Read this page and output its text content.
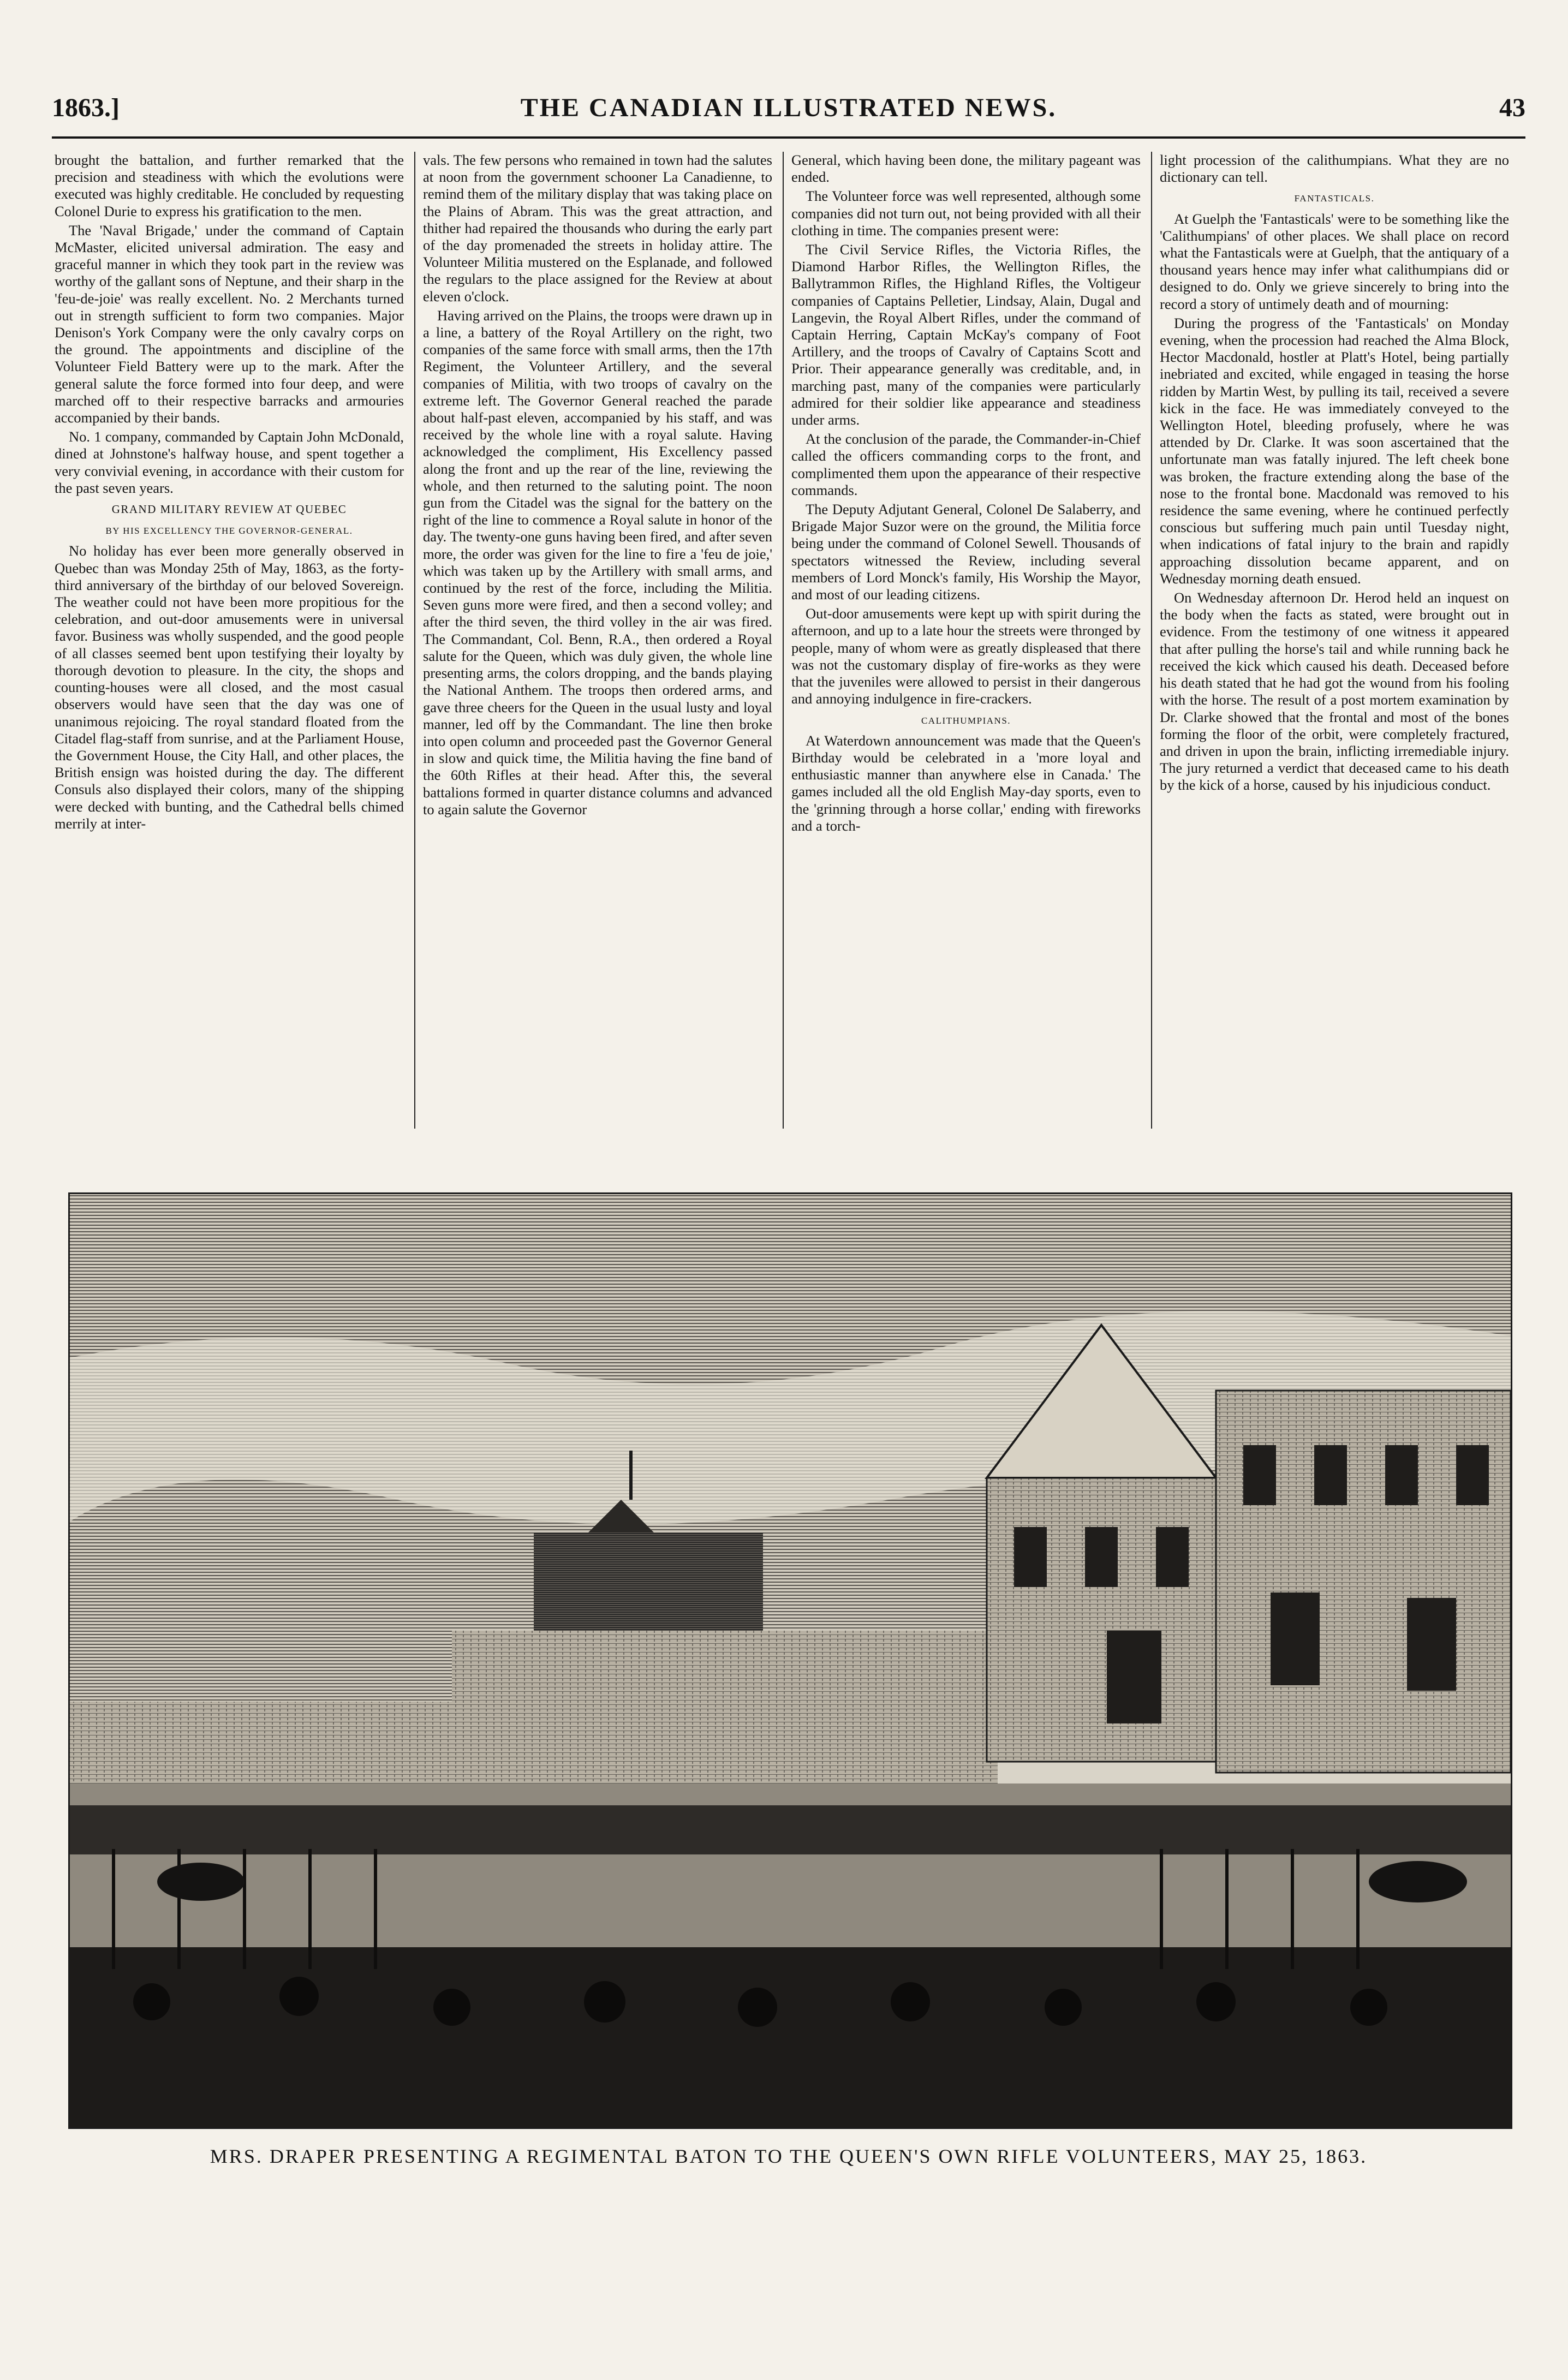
1863.]	THE CANADIAN ILLUSTRATED NEWS.	43

brought the battalion, and further remarked that the precision and steadiness with which the evolutions were executed was highly creditable. He concluded by requesting Colonel Durie to express his gratification to the men.

The 'Naval Brigade,' under the command of Captain McMaster, elicited universal admiration. The easy and graceful manner in which they took part in the review was worthy of the gallant sons of Neptune, and their sharp in the 'feu-de-joie' was really excellent. No. 2 Merchants turned out in strength sufficient to form two companies. Major Denison's York Company were the only cavalry corps on the ground. The appointments and discipline of the Volunteer Field Battery were up to the mark. After the general salute the force formed into four deep, and were marched off to their respective barracks and armouries accompanied by their bands.

No. 1 company, commanded by Captain John McDonald, dined at Johnstone's halfway house, and spent together a very convivial evening, in accordance with their custom for the past seven years.

GRAND MILITARY REVIEW AT QUEBEC
BY HIS EXCELLENCY THE GOVERNOR-GENERAL.

No holiday has ever been more generally observed in Quebec than was Monday 25th of May, 1863, as the forty-third anniversary of the birthday of our beloved Sovereign. The weather could not have been more propitious for the celebration, and out-door amusements were in universal favor. Business was wholly suspended, and the good people of all classes seemed bent upon testifying their loyalty by thorough devotion to pleasure. In the city, the shops and counting-houses were all closed, and the most casual observers would have seen that the day was one of unanimous rejoicing. The royal standard floated from the Citadel flag-staff from sunrise, and at the Parliament House, the Government House, the City Hall, and other places, the British ensign was hoisted during the day. The different Consuls also displayed their colors, many of the shipping were decked with bunting, and the Cathedral bells chimed merrily at inter-

vals. The few persons who remained in town had the salutes at noon from the government schooner La Canadienne, to remind them of the military display that was taking place on the Plains of Abram. This was the great attraction, and thither had repaired the thousands who during the early part of the day promenaded the streets in holiday attire. The Volunteer Militia mustered on the Esplanade, and followed the regulars to the place assigned for the Review at about eleven o'clock.

Having arrived on the Plains, the troops were drawn up in a line, a battery of the Royal Artillery on the right, two companies of the same force with small arms, then the 17th Regiment, the Volunteer Artillery, and the several companies of Militia, with two troops of cavalry on the extreme left. The Governor General reached the parade about half-past eleven, accompanied by his staff, and was received by the whole line with a royal salute. Having acknowledged the compliment, His Excellency passed along the front and up the rear of the line, reviewing the whole, and then returned to the saluting point. The noon gun from the Citadel was the signal for the battery on the right of the line to commence a Royal salute in honor of the day. The twenty-one guns having been fired, and after seven more, the order was given for the line to fire a 'feu de joie,' which was taken up by the Artillery with small arms, and continued by the rest of the force, including the Militia. Seven guns more were fired, and then a second volley; and after the third seven, the third volley in the air was fired. The Commandant, Col. Benn, R.A., then ordered a Royal salute for the Queen, which was duly given, the whole line presenting arms, the colors dropping, and the bands playing the National Anthem. The troops then ordered arms, and gave three cheers for the Queen in the usual lusty and loyal manner, led off by the Commandant. The line then broke into open column and proceeded past the Governor General in slow and quick time, the Militia having the fine band of the 60th Rifles at their head. After this, the several battalions formed in quarter distance columns and advanced to again salute the Governor

General, which having been done, the military pageant was ended.

The Volunteer force was well represented, although some companies did not turn out, not being provided with all their clothing in time. The companies present were:

The Civil Service Rifles, the Victoria Rifles, the Diamond Harbor Rifles, the Wellington Rifles, the Ballytrammon Rifles, the Highland Rifles, the Voltigeur companies of Captains Pelletier, Lindsay, Alain, Dugal and Langevin, the Royal Albert Rifles, under the command of Captain Herring, Captain McKay's company of Foot Artillery, and the troops of Cavalry of Captains Scott and Prior. Their appearance generally was creditable, and, in marching past, many of the companies were particularly admired for their soldier like appearance and steadiness under arms.

At the conclusion of the parade, the Commander-in-Chief called the officers commanding corps to the front, and complimented them upon the appearance of their respective commands.

The Deputy Adjutant General, Colonel De Salaberry, and Brigade Major Suzor were on the ground, the Militia force being under the command of Colonel Sewell. Thousands of spectators witnessed the Review, including several members of Lord Monck's family, His Worship the Mayor, and most of our leading citizens.

Out-door amusements were kept up with spirit during the afternoon, and up to a late hour the streets were thronged by people, many of whom were as greatly displeased that there was not the customary display of fire-works as they were that the juveniles were allowed to persist in their dangerous and annoying indulgence in fire-crackers.

CALITHUMPIANS.

At Waterdown announcement was made that the Queen's Birthday would be celebrated in a 'more loyal and enthusiastic manner than anywhere else in Canada.' The games included all the old English May-day sports, even to the 'grinning through a horse collar,' ending with fireworks and a torch-

light procession of the calithumpians. What they are no dictionary can tell.

FANTASTICALS.

At Guelph the 'Fantasticals' were to be something like the 'Calithumpians' of other places. We shall place on record what the Fantasticals were at Guelph, that the antiquary of a thousand years hence may infer what calithumpians did or designed to do. Only we grieve sincerely to bring into the record a story of untimely death and of mourning:

During the progress of the 'Fantasticals' on Monday evening, when the procession had reached the Alma Block, Hector Macdonald, hostler at Platt's Hotel, being partially inebriated and excited, while engaged in teasing the horse ridden by Martin West, by pulling its tail, received a severe kick in the face. He was immediately conveyed to the Wellington Hotel, bleeding profusely, where he was attended by Dr. Clarke. It was soon ascertained that the unfortunate man was fatally injured. The left cheek bone was broken, the fracture extending along the base of the nose to the frontal bone. Macdonald was removed to his residence the same evening, where he continued perfectly conscious but suffering much pain until Tuesday night, when indications of fatal injury to the brain and rapidly approaching dissolution became apparent, and on Wednesday morning death ensued.

On Wednesday afternoon Dr. Herod held an inquest on the body when the facts as stated, were brought out in evidence. From the testimony of one witness it appeared that after pulling the horse's tail and while running back he received the kick which caused his death. Deceased before his death stated that he had got the wound from his fooling with the horse. The result of a post mortem examination by Dr. Clarke showed that the frontal and most of the bones forming the floor of the orbit, were completely fractured, and driven in upon the brain, inflicting irremediable injury. The jury returned a verdict that deceased came to his death by the kick of a horse, caused by his injudicious conduct.

MRS. DRAPER PRESENTING A REGIMENTAL BATON TO THE QUEEN'S OWN RIFLE VOLUNTEERS, MAY 25, 1863.
